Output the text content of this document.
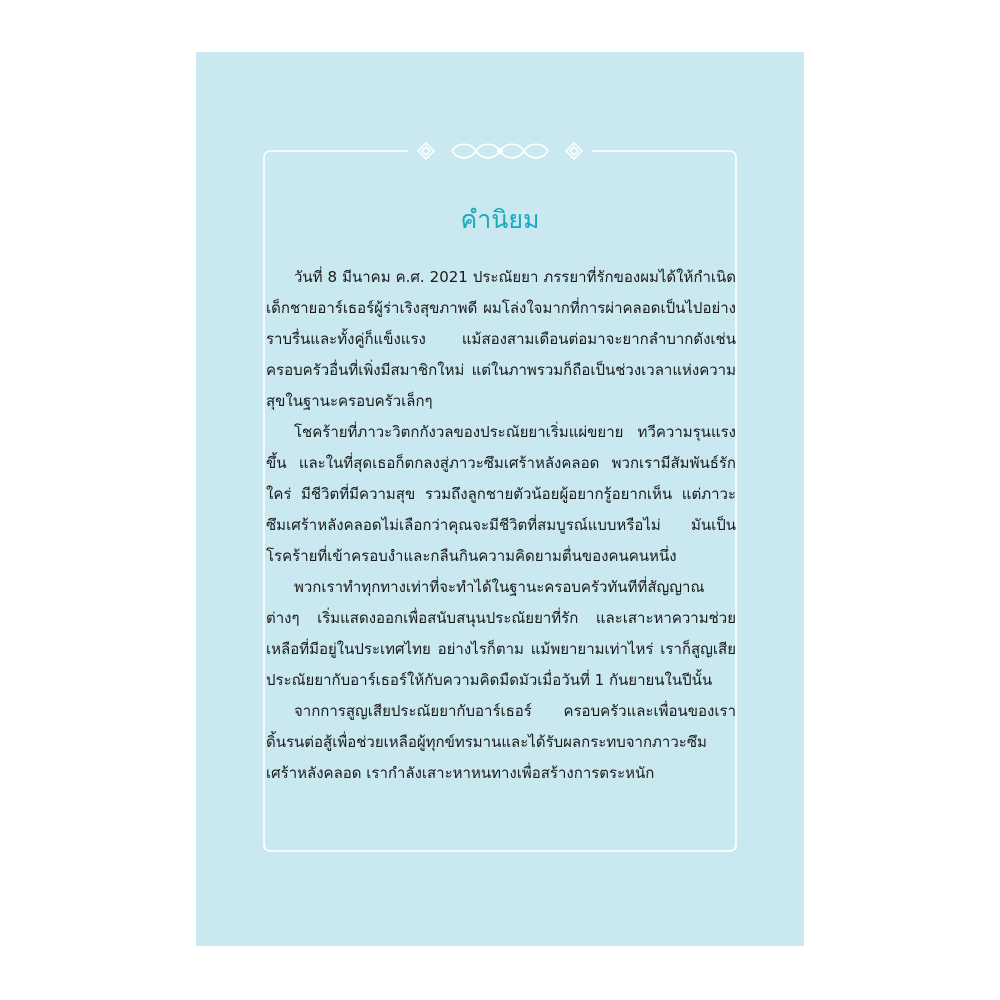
คำนิยม

วันที่ 8 มีนาคม ค.ศ. 2021 ประณัยยา ภรรยาที่รักของผมได้ให้กำเนิดเด็กชายอาร์เธอร์ผู้ร่าเริงสุขภาพดี ผมโล่งใจมากที่การผ่าคลอดเป็นไปอย่างราบรื่นและทั้งคู่ก็แข็งแรง แม้สองสามเดือนต่อมาจะยากลำบากดังเช่นครอบครัวอื่นที่เพิ่งมีสมาชิกใหม่ แต่ในภาพรวมก็ถือเป็นช่วงเวลาแห่งความสุขในฐานะครอบครัวเล็กๆ

โชคร้ายที่ภาวะวิตกกังวลของประณัยยาเริ่มแผ่ขยาย ทวีความรุนแรงขึ้น และในที่สุดเธอก็ตกลงสู่ภาวะซึมเศร้าหลังคลอด พวกเรามีสัมพันธ์รักใคร่ มีชีวิตที่มีความสุข รวมถึงลูกชายตัวน้อยผู้อยากรู้อยากเห็น แต่ภาวะซึมเศร้าหลังคลอดไม่เลือกว่าคุณจะมีชีวิตที่สมบูรณ์แบบหรือไม่ มันเป็นโรคร้ายที่เข้าครอบงำและกลืนกินความคิดยามตื่นของคนคนหนึ่ง

พวกเราทำทุกทางเท่าที่จะทำได้ในฐานะครอบครัวทันทีที่สัญญาณต่างๆ เริ่มแสดงออกเพื่อสนับสนุนประณัยยาที่รัก และเสาะหาความช่วยเหลือที่มีอยู่ในประเทศไทย อย่างไรก็ตาม แม้พยายามเท่าไหร่ เราก็สูญเสียประณัยยากับอาร์เธอร์ให้กับความคิดมืดมัวเมื่อวันที่ 1 กันยายนในปีนั้น

จากการสูญเสียประณัยยากับอาร์เธอร์ ครอบครัวและเพื่อนของเราดิ้นรนต่อสู้เพื่อช่วยเหลือผู้ทุกข์ทรมานและได้รับผลกระทบจากภาวะซึมเศร้าหลังคลอด เรากำลังเสาะหาหนทางเพื่อสร้างการตระหนัก
